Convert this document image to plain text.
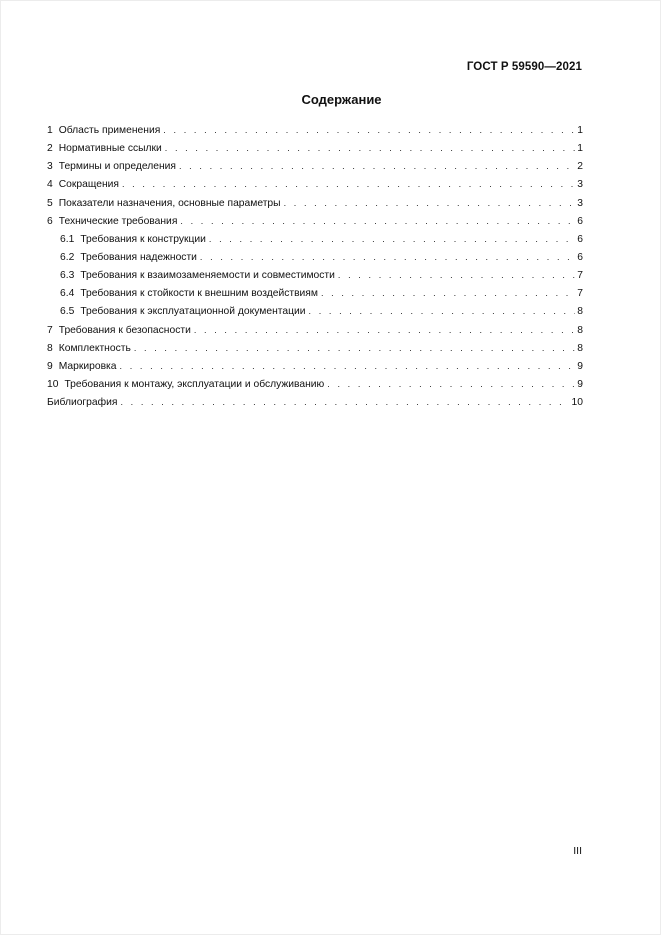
ГОСТ Р 59590—2021
Содержание
1 Область применения . . .	1
2 Нормативные ссылки . . .	1
3 Термины и определения . . .	2
4 Сокращения . . .	3
5 Показатели назначения, основные параметры . . .	3
6 Технические требования . . .	6
6.1 Требования к конструкции . . .	6
6.2 Требования надежности . . .	6
6.3 Требования к взаимозаменяемости и совместимости . . .	7
6.4 Требования к стойкости к внешним воздействиям . . .	7
6.5 Требования к эксплуатационной документации . . .	8
7 Требования к безопасности . . .	8
8 Комплектность . . .	8
9 Маркировка . . .	9
10 Требования к монтажу, эксплуатации и обслуживанию . . .	9
Библиография . . .	10
III
